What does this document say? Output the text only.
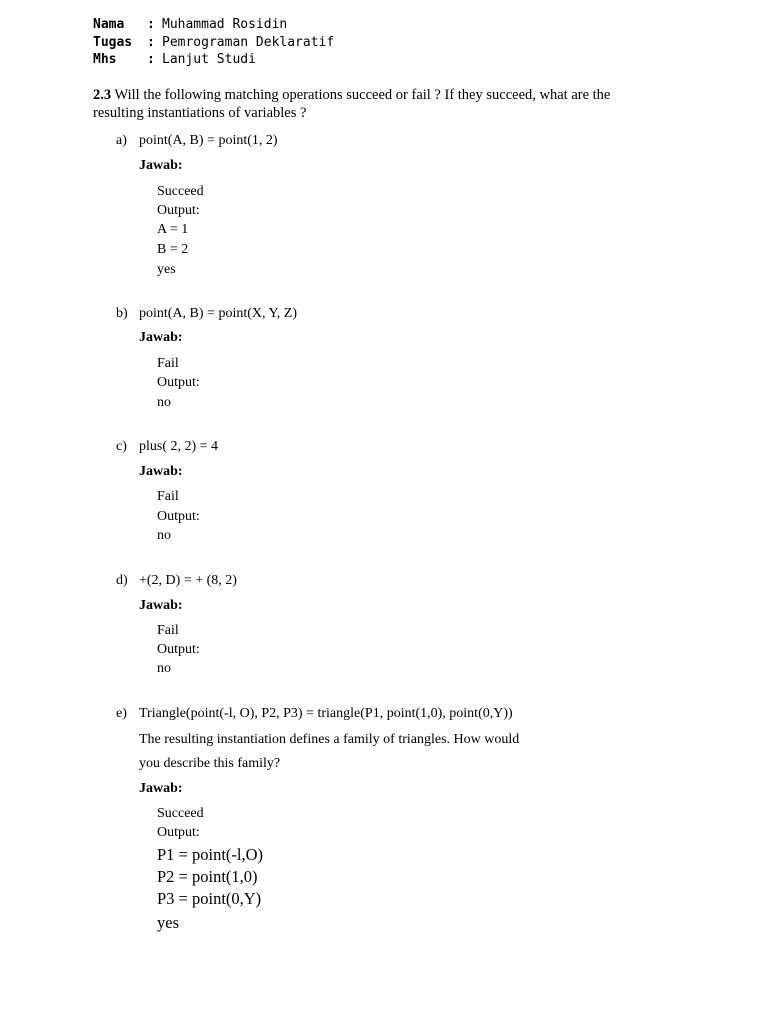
Nama	: Muhammad Rosidin
Tugas	: Pemrograman Deklaratif
Mhs	: Lanjut Studi
2.3 Will the following matching operations succeed or fail ? If they succeed, what are the
resulting instantiations of variables ?
a) point(A, B) = point(1, 2)
Jawab:
Succeed
Output:
A = 1
B = 2
yes
b) point(A, B) = point(X, Y, Z)
Jawab:
Fail
Output:
no
c) plus( 2, 2) = 4
Jawab:
Fail
Output:
no
d) +(2, D) = + (8, 2)
Jawab:
Fail
Output:
no
e) Triangle(point(-l, O), P2, P3) = triangle(P1, point(1,0), point(0,Y))
The resulting instantiation defines a family of triangles. How would
you describe this family?
Jawab:
Succeed
Output:
P1 = point(-l,O)
P2 = point(1,0)
P3 = point(0,Y)
yes
